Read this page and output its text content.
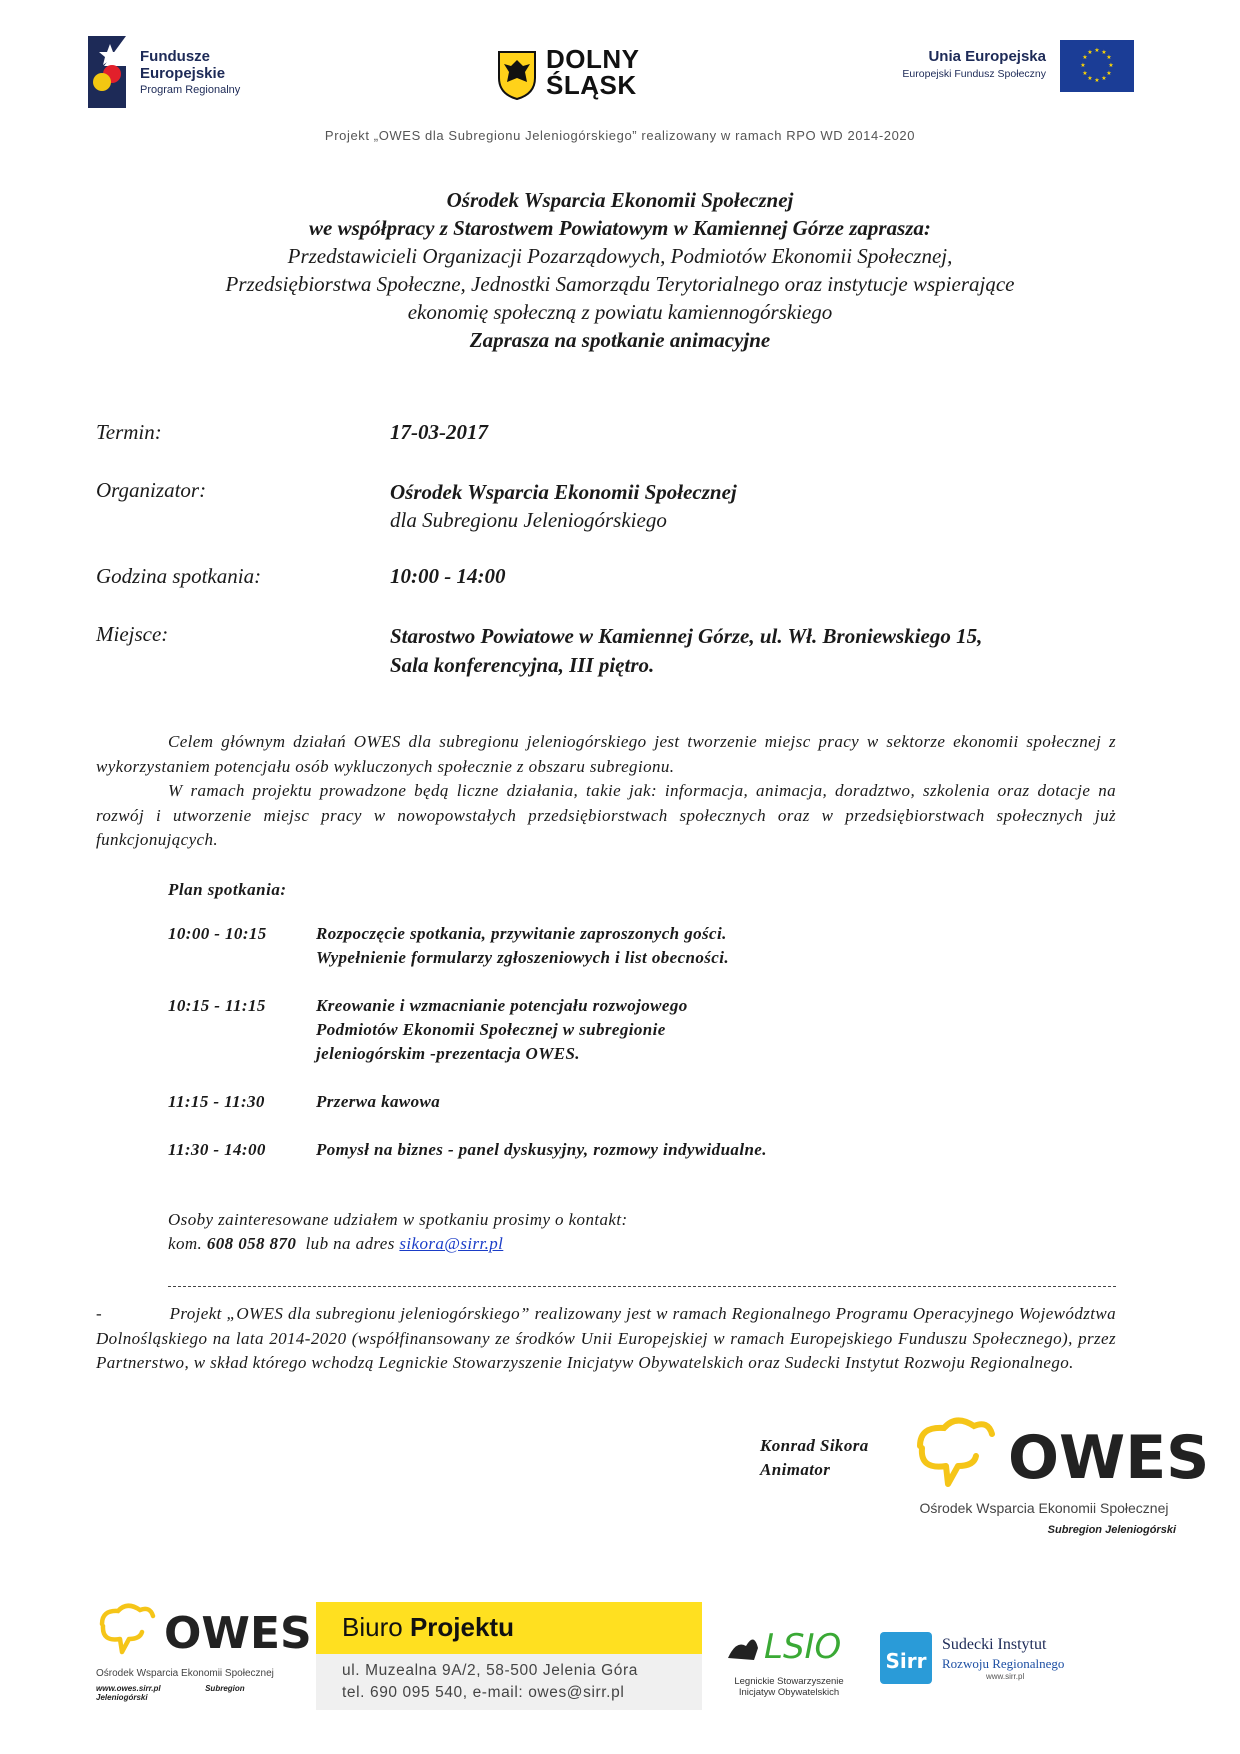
Fundusze
Europejskie
Program Regionalny
DOLNY
ŚLĄSK
Unia Europejska
Europejski Fundusz Społeczny
★ ★
★
★
★
★
★
★
★
★
★
★
Projekt „OWES dla Subregionu Jeleniogórskiego” realizowany w ramach RPO WD 2014-2020
Ośrodek Wsparcia Ekonomii Społecznej
we współpracy z Starostwem Powiatowym w Kamiennej Górze zaprasza:
Przedstawicieli Organizacji Pozarządowych, Podmiotów Ekonomii Społecznej,
Przedsiębiorstwa Społeczne, Jednostki Samorządu Terytorialnego oraz instytucje wspierające
ekonomię społeczną z powiatu kamiennogórskiego
Zaprasza na spotkanie animacyjne
Termin:	17-03-2017
Organizator:	Ośrodek Wsparcia Ekonomii Społecznej
dla Subregionu Jeleniogórskiego
Godzina spotkania:	10:00 - 14:00
Miejsce:	Starostwo Powiatowe w Kamiennej Górze, ul. Wł. Broniewskiego 15,
Sala konferencyjna, III piętro.

Celem głównym działań OWES dla subregionu jeleniogórskiego jest tworzenie miejsc pracy w sektorze ekonomii społecznej z wykorzystaniem potencjału osób wykluczonych społecznie z obszaru subregionu.

W ramach projektu prowadzone będą liczne działania, takie jak: informacja, animacja, doradztwo, szkolenia oraz dotacje na rozwój i utworzenie miejsc pracy w nowopowstałych przedsiębiorstwach społecznych oraz w przedsiębiorstwach społecznych już funkcjonujących.

Plan spotkania:
10:00 - 10:15	Rozpoczęcie spotkania, przywitanie zaproszonych gości.
Wypełnienie formularzy zgłoszeniowych i list obecności.
10:15 - 11:15	Kreowanie i wzmacnianie potencjału rozwojowego
Podmiotów Ekonomii Społecznej w subregionie
jeleniogórskim -prezentacja OWES.
11:15 - 11:30	Przerwa kawowa
11:30 - 14:00	Pomysł na biznes - panel dyskusyjny, rozmowy indywidualne.
Osoby zainteresowane udziałem w spotkaniu prosimy o kontakt:
kom. 608 058 870 lub na adres sikora@sirr.pl
-	Projekt „OWES dla subregionu jeleniogórskiego” realizowany jest w ramach Regionalnego Programu Operacyjnego Województwa Dolnośląskiego na lata 2014-2020 (współfinansowany ze środków Unii Europejskiej w ramach Europejskiego Funduszu Społecznego), przez Partnerstwo, w skład którego wchodzą Legnickie Stowarzyszenie Inicjatyw Obywatelskich oraz Sudecki Instytut Rozwoju Regionalnego.
Konrad Sikora
Animator	OWES
Ośrodek Wsparcia Ekonomii Społecznej
Subregion Jeleniogórski
OWES
Ośrodek Wsparcia Ekonomii Społecznej
www.owes.sirr.pl	Subregion Jeleniogórski
Biuro Projektu
ul. Muzealna 9A/2, 58-500 Jelenia Góra
tel. 690 095 540, e-mail: owes@sirr.pl
LSIO
Legnickie Stowarzyszenie Inicjatyw Obywatelskich
Sirr
Sudecki Instytut
Rozwoju Regionalnego
www.sirr.pl
